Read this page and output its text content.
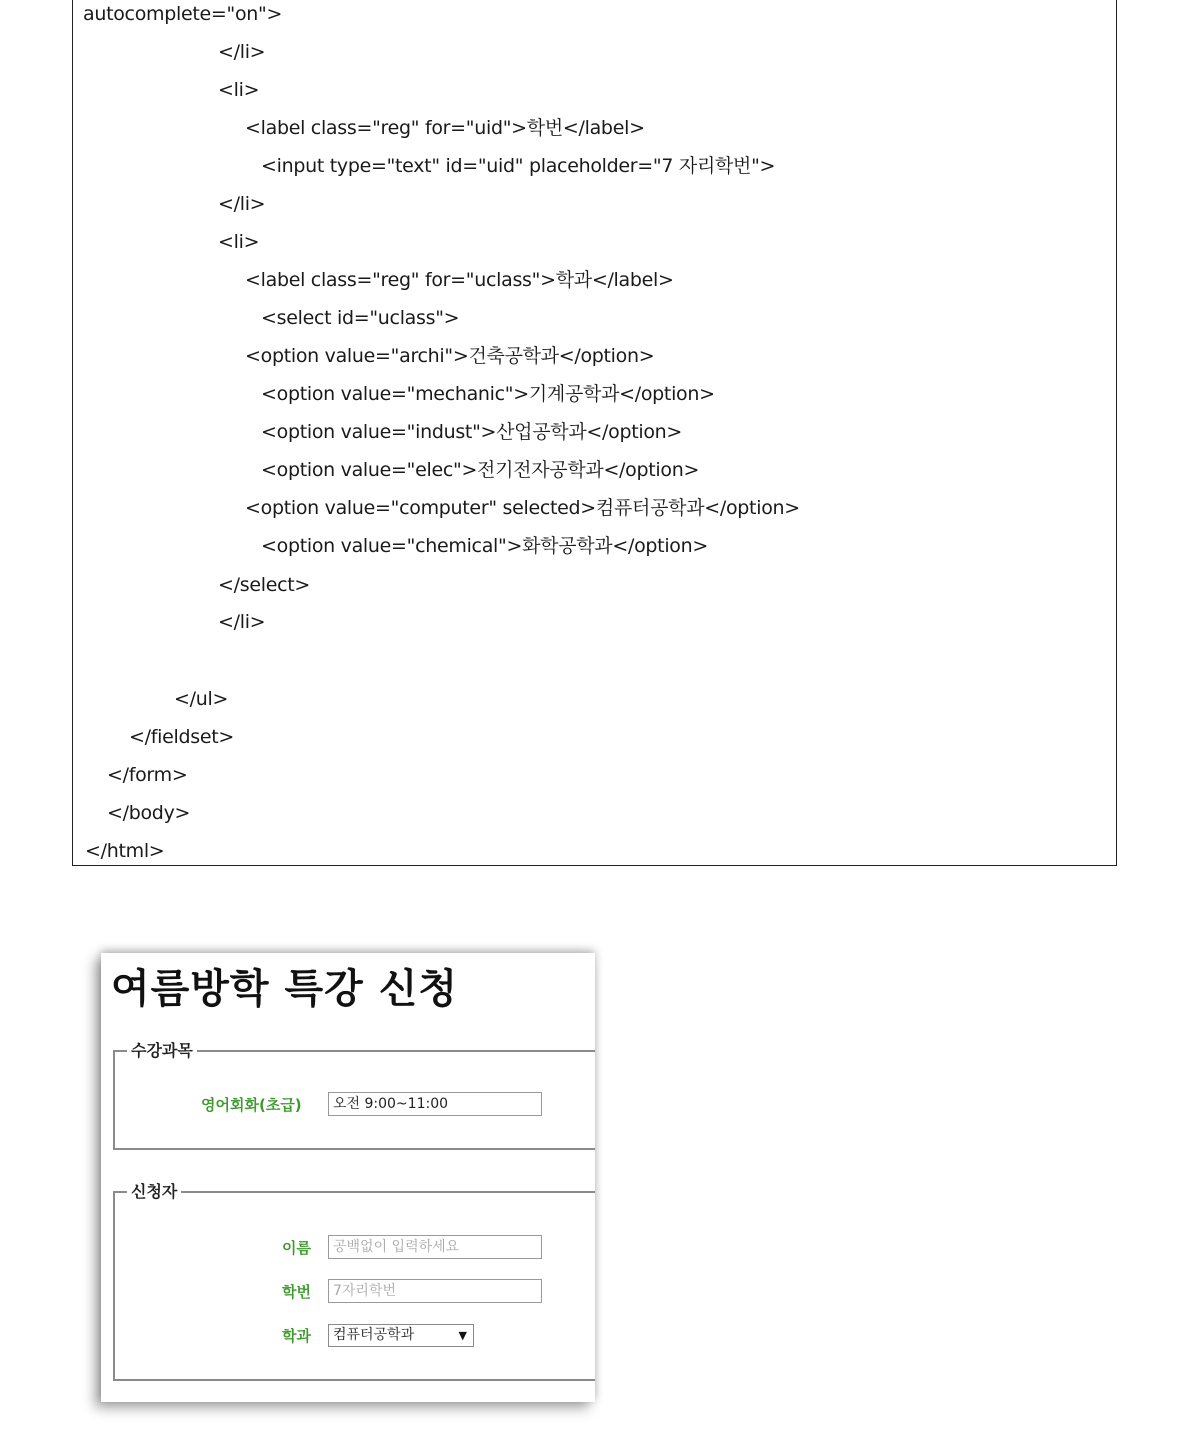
autocomplete="on">
</li>
<li>
<label class="reg" for="uid">학번</label>
<input type="text" id="uid" placeholder="7 자리학번">
</li>
<li>
<label class="reg" for="uclass">학과</label>
<select id="uclass">
<option value="archi">건축공학과</option>
<option value="mechanic">기계공학과</option>
<option value="indust">산업공학과</option>
<option value="elec">전기전자공학과</option>
<option value="computer" selected>컴퓨터공학과</option>
<option value="chemical">화학공학과</option>
</select>
</li>
</ul>
</fieldset>
</form>
</body>
</html>
여름방학 특강 신청
수강과목
영어회화(초급)	오전 9:00~11:00
신청자
이름	공백없이 입력하세요
학번	7자리학번
학과	컴퓨터공학과	▼
